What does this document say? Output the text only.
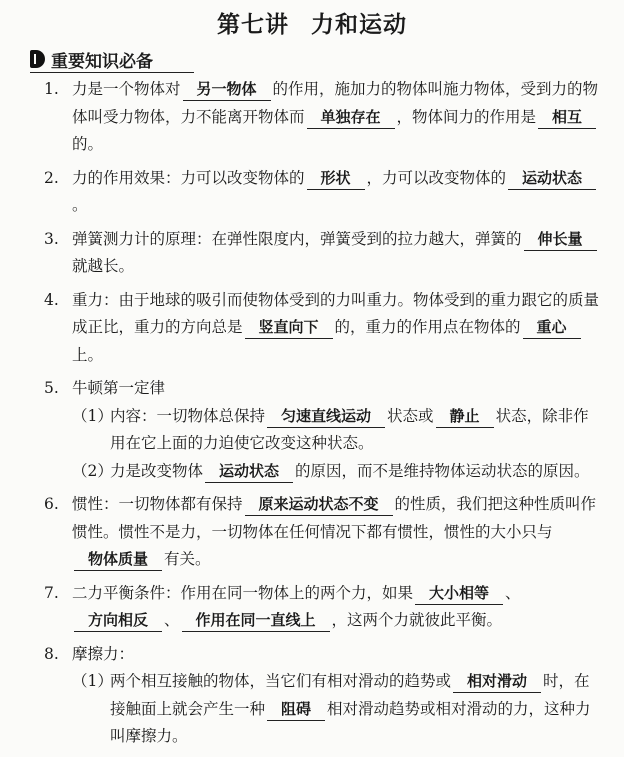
第七讲 力和运动
重要知识必备
1. 力是一个物体对 另一物体 的作用，施加力的物体叫施力物体，受到力的物体叫受力物体，力不能离开物体而 单独存在 ，物体间力的作用是 相互的。
2. 力的作用效果：力可以改变物体的 形状 ，力可以改变物体的 运动状态。
3. 弹簧测力计的原理：在弹性限度内，弹簧受到的拉力越大，弹簧的 伸长量就越长。
4. 重力：由于地球的吸引而使物体受到的力叫重力。物体受到的重力跟它的质量成正比，重力的方向总是 竖直向下 的，重力的作用点在物体的 重心上。
5. 牛顿第一定律
（1）
内容：一切物体总保持 匀速直线运动 状态或 静止 状态，除非作用在它上面的力迫使它改变这种状态。
（2）
力是改变物体 运动状态 的原因，而不是维持物体运动状态的原因。
6. 惯性：一切物体都有保持 原来运动状态不变 的性质，我们把这种性质叫作惯性。惯性不是力，一切物体在任何情况下都有惯性，惯性的大小只与物体质量 有关。
7. 二力平衡条件：作用在同一物体上的两个力，如果 大小相等 、方向相反 、 作用在同一直线上 ，这两个力就彼此平衡。
8. 摩擦力：
（1）
两个相互接触的物体，当它们有相对滑动的趋势或 相对滑动 时，在接触面上就会产生一种 阻碍 相对滑动趋势或相对滑动的力，这种力叫摩擦力。
